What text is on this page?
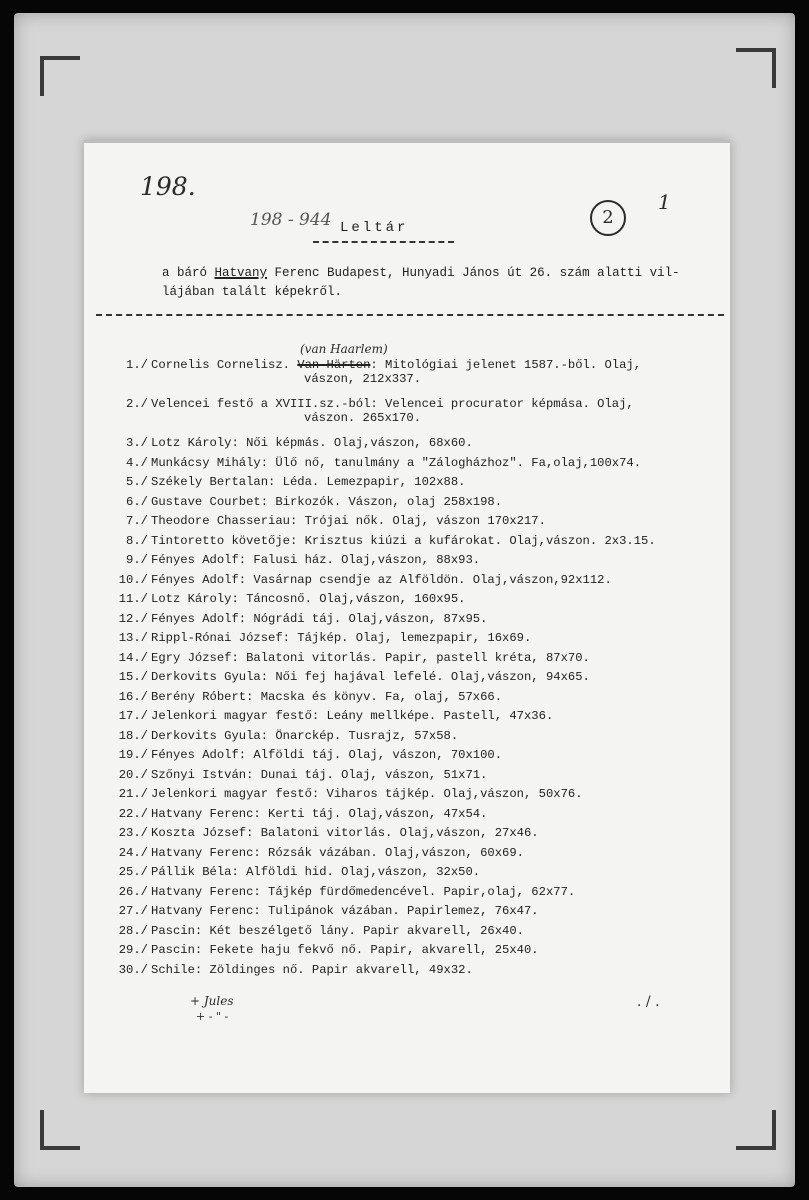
198.
198 - 944	2
1
Leltár
a báró Hatvany Ferenc Budapest, Hunyadi János út 26. szám alatti vil-
lájában talált képekről.
(van Haarlem)
1./ Cornelis Cornelisz. Van Härten: Mitológiai jelenet 1587.-ből. Olaj,
vászon, 212x337.
2./ Velencei festő a XVIII.sz.-ból: Velencei procurator képmása. Olaj,
vászon. 265x170.
3./ Lotz Károly: Női képmás. Olaj,vászon, 68x60.
4./ Munkácsy Mihály: Ülő nő, tanulmány a "Zálogházhoz". Fa,olaj,100x74.
5./ Székely Bertalan: Léda. Lemezpapir, 102x88.
6./ Gustave Courbet: Birkozók. Vászon, olaj 258x198.
7./ Theodore Chasseriau: Trójai nők. Olaj, vászon 170x217.
8./ Tintoretto követője: Krisztus kiúzi a kufárokat. Olaj,vászon. 2x3.15.
9./ Fényes Adolf: Falusi ház. Olaj,vászon, 88x93.
10./ Fényes Adolf: Vasárnap csendje az Alföldön. Olaj,vászon,92x112.
11./ Lotz Károly: Táncosnő. Olaj,vászon, 160x95.
12./ Fényes Adolf: Nógrádi táj. Olaj,vászon, 87x95.
13./ Rippl-Rónai József: Tájkép. Olaj, lemezpapir, 16x69.
14./ Egry József: Balatoni vitorlás. Papir, pastell kréta, 87x70.
15./ Derkovits Gyula: Női fej hajával lefelé. Olaj,vászon, 94x65.
16./ Berény Róbert: Macska és könyv. Fa, olaj, 57x66.
17./ Jelenkori magyar festő: Leány mellképe. Pastell, 47x36.
18./ Derkovits Gyula: Önarckép. Tusrajz, 57x58.
19./ Fényes Adolf: Alföldi táj. Olaj, vászon, 70x100.
20./ Szőnyi István: Dunai táj. Olaj, vászon, 51x71.
21./ Jelenkori magyar festő: Viharos tájkép. Olaj,vászon, 50x76.
22./ Hatvany Ferenc: Kerti táj. Olaj,vászon, 47x54.
23./ Koszta József: Balatoni vitorlás. Olaj,vászon, 27x46.
24./ Hatvany Ferenc: Rózsák vázában. Olaj,vászon, 60x69.
25./ Pállik Béla: Alföldi hid. Olaj,vászon, 32x50.
26./ Hatvany Ferenc: Tájkép fürdőmedencével. Papir,olaj, 62x77.
27./ Hatvany Ferenc: Tulipánok vázában. Papirlemez, 76x47.
28./ Pascin: Két beszélgető lány. Papir akvarell, 26x40.
29./ Pascin: Fekete haju fekvő nő. Papir, akvarell, 25x40.
30./ Schile: Zöldinges nő. Papir akvarell, 49x32.
+ Jules
+ - " -
. / .
